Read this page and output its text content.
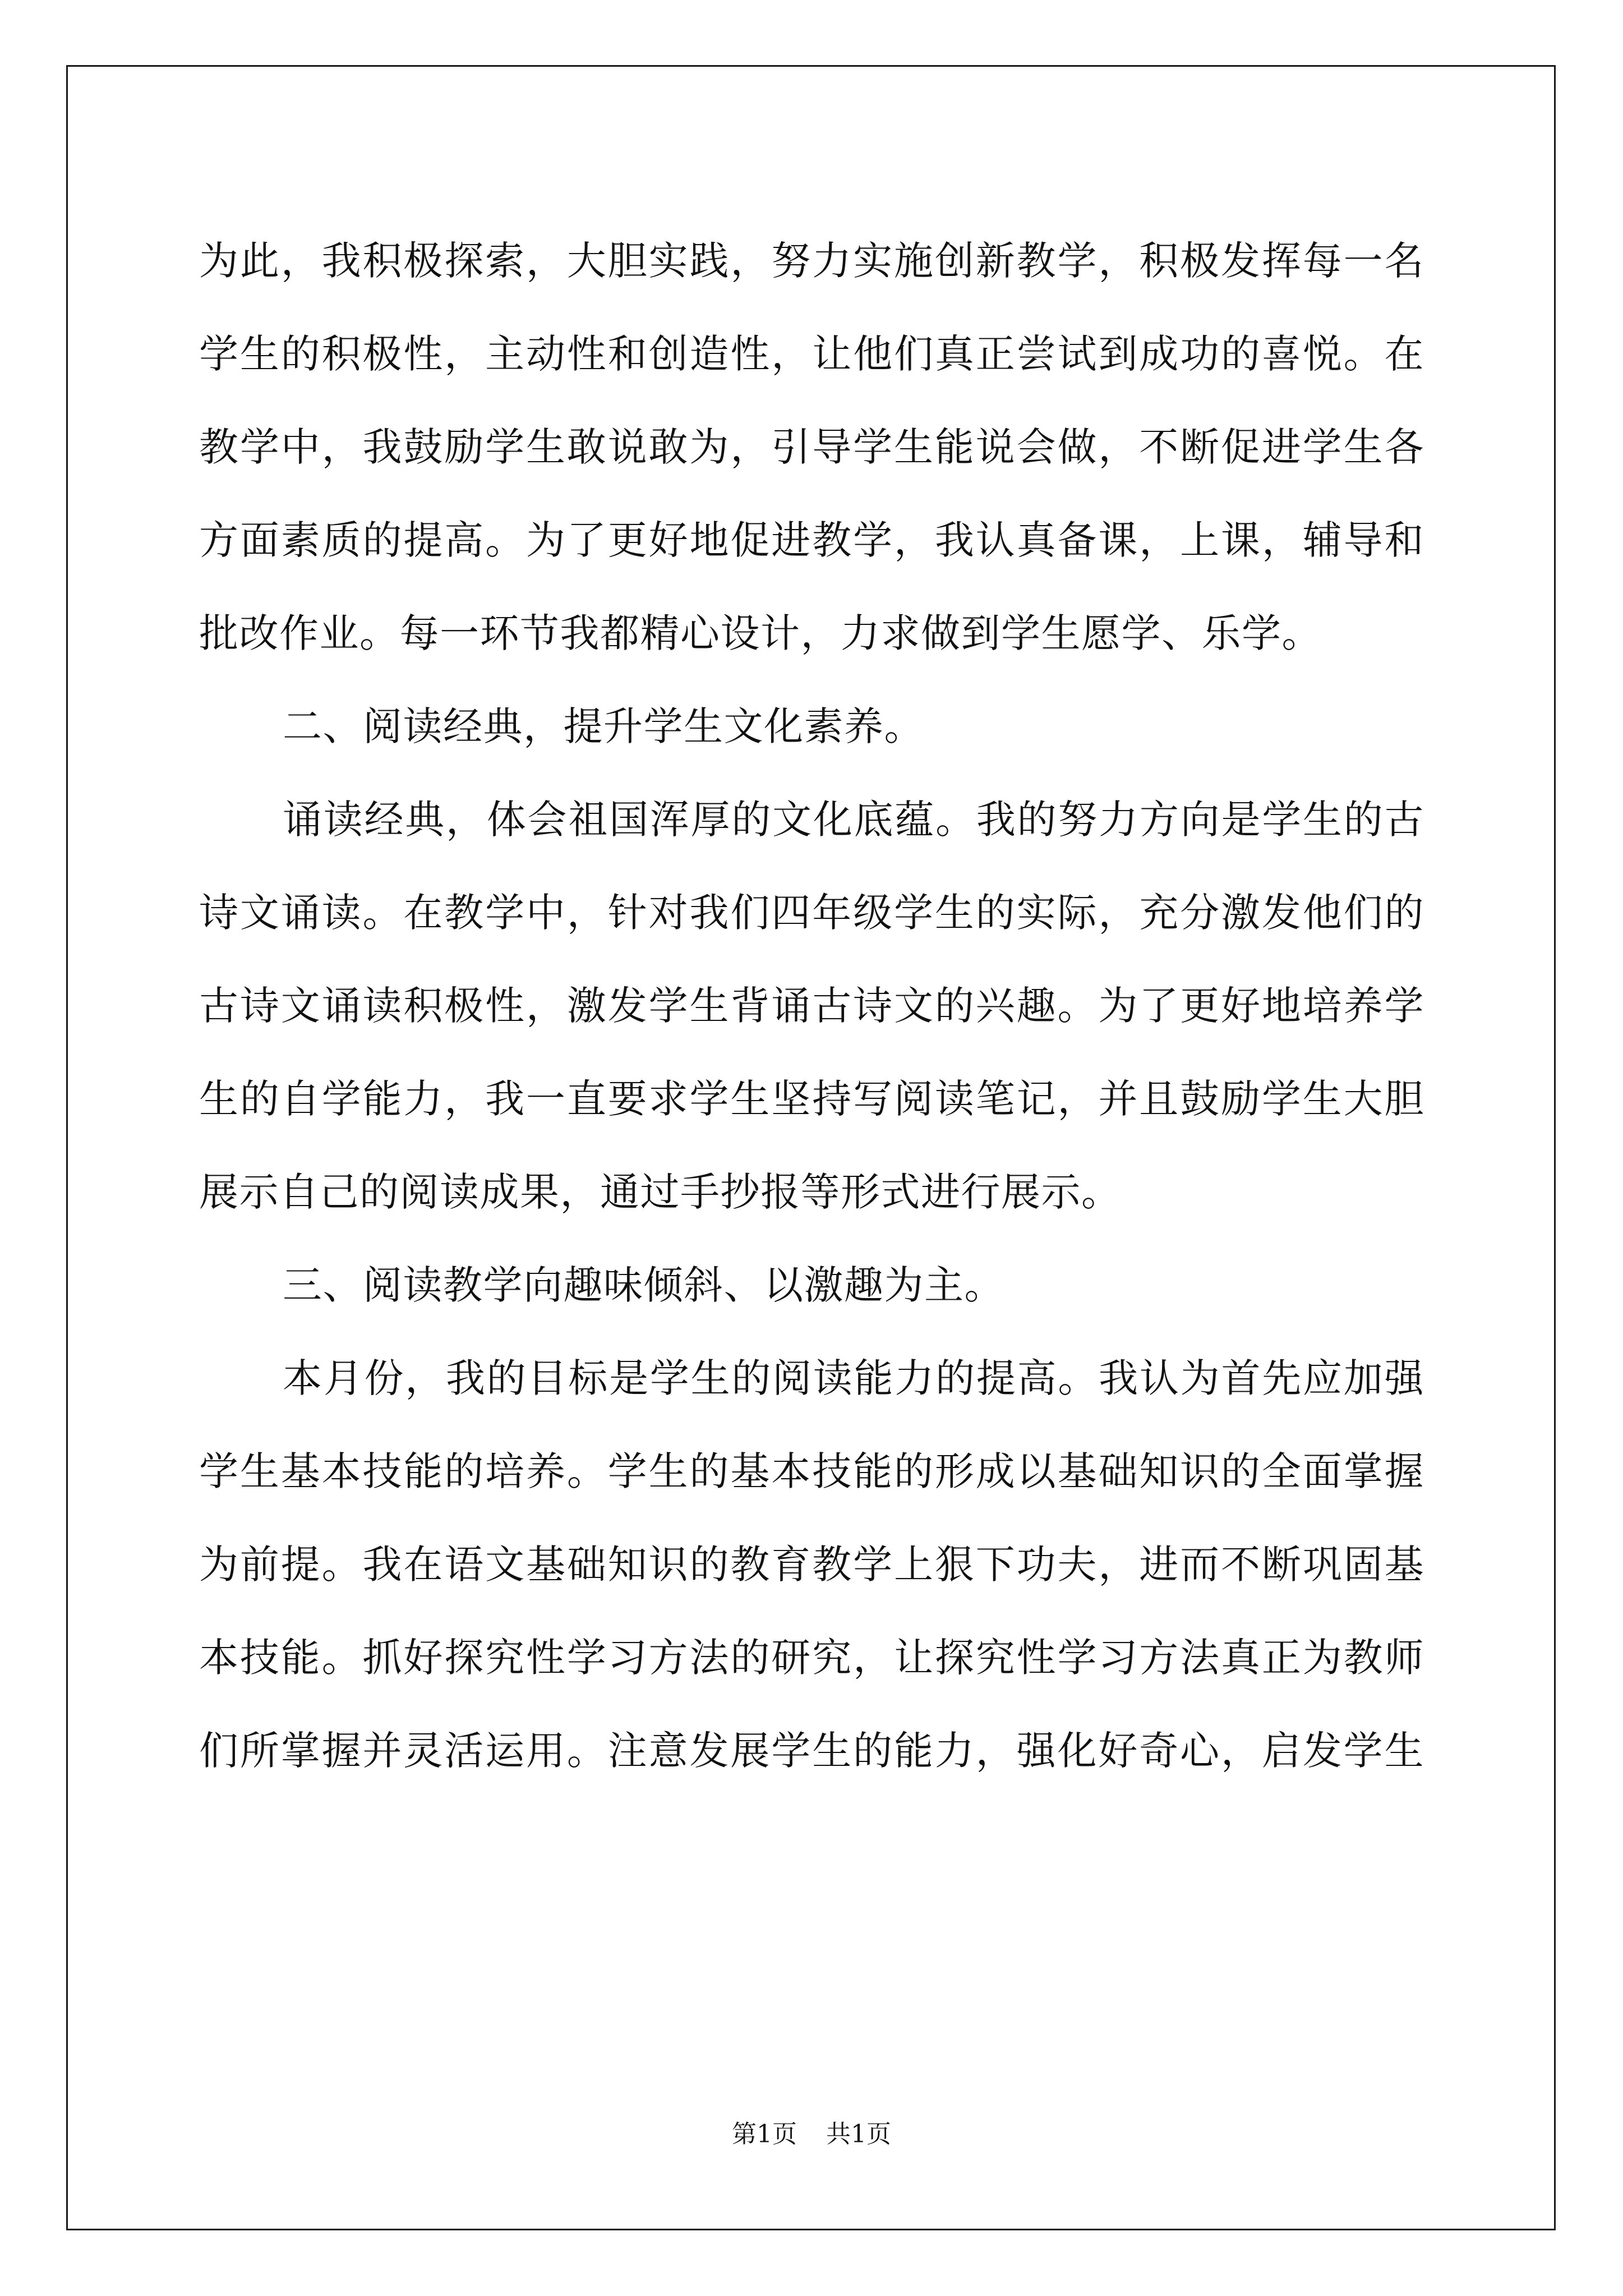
为此，我积极探索，大胆实践，努力实施创新教学，积极发挥每一名
学生的积极性，主动性和创造性，让他们真正尝试到成功的喜悦。在
教学中，我鼓励学生敢说敢为，引导学生能说会做，不断促进学生各
方面素质的提高。为了更好地促进教学，我认真备课，上课，辅导和
批改作业。每一环节我都精心设计，力求做到学生愿学、乐学。
二、阅读经典，提升学生文化素养。
诵读经典，体会祖国浑厚的文化底蕴。我的努力方向是学生的古
诗文诵读。在教学中，针对我们四年级学生的实际，充分激发他们的
古诗文诵读积极性，激发学生背诵古诗文的兴趣。为了更好地培养学
生的自学能力，我一直要求学生坚持写阅读笔记，并且鼓励学生大胆
展示自己的阅读成果，通过手抄报等形式进行展示。
三、阅读教学向趣味倾斜、以激趣为主。
本月份，我的目标是学生的阅读能力的提高。我认为首先应加强
学生基本技能的培养。学生的基本技能的形成以基础知识的全面掌握
为前提。我在语文基础知识的教育教学上狠下功夫，进而不断巩固基
本技能。抓好探究性学习方法的研究，让探究性学习方法真正为教师
们所掌握并灵活运用。注意发展学生的能力，强化好奇心，启发学生
第1页 共1页
